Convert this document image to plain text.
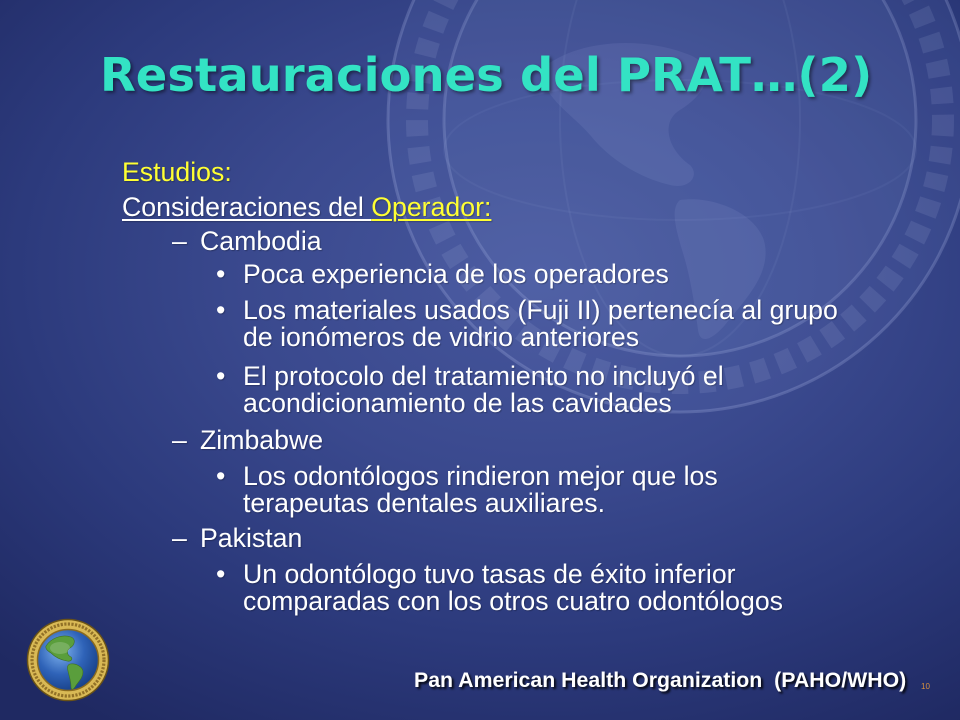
Restauraciones del PRAT…(2)
Estudios:
Consideraciones del Operador:
– Cambodia
• Poca experiencia de los operadores
• Los materiales usados (Fuji II) pertenecía al grupo
de ionómeros de vidrio anteriores
• El protocolo del tratamiento no incluyó el
acondicionamiento de las cavidades
– Zimbabwe
• Los odontólogos rindieron mejor que los
terapeutas dentales auxiliares.
– Pakistan
• Un odontólogo tuvo tasas de éxito inferior
comparadas con los otros cuatro odontólogos
Pan American Health Organization  (PAHO/WHO) 10
